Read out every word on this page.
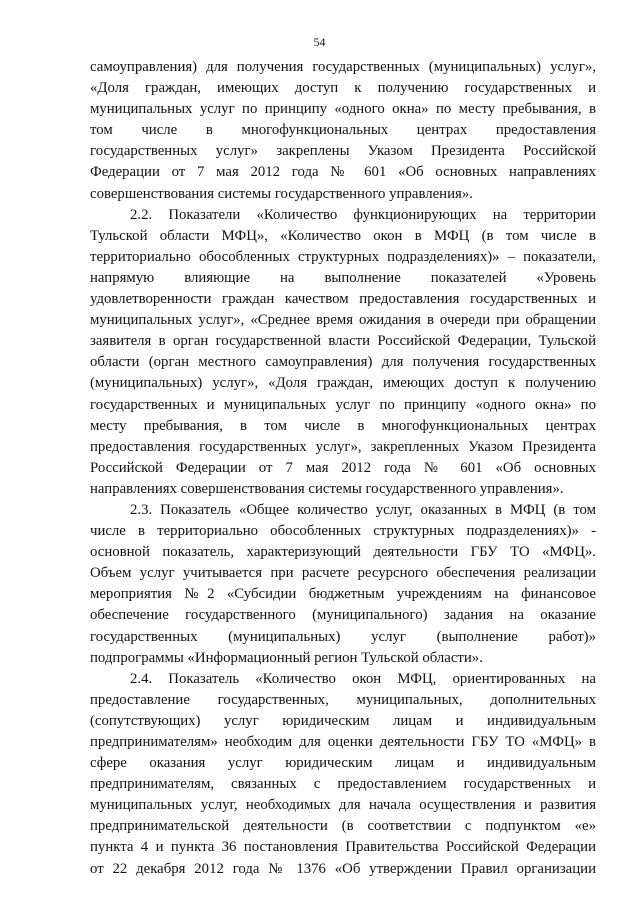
54
самоуправления) для получения государственных (муниципальных) услуг»,
«Доля граждан, имеющих доступ к получению государственных и
муниципальных услуг по принципу «одного окна» по месту пребывания, в
том числе в многофункциональных центрах предоставления
государственных услуг» закреплены Указом Президента Российской
Федерации от 7 мая 2012 года № 601 «Об основных направлениях
совершенствования системы государственного управления».
2.2. Показатели «Количество функционирующих на территории
Тульской области МФЦ», «Количество окон в МФЦ (в том числе в
территориально обособленных структурных подразделениях)» – показатели,
напрямую влияющие на выполнение показателей «Уровень
удовлетворенности граждан качеством предоставления государственных и
муниципальных услуг», «Среднее время ожидания в очереди при обращении
заявителя в орган государственной власти Российской Федерации, Тульской
области (орган местного самоуправления) для получения государственных
(муниципальных) услуг», «Доля граждан, имеющих доступ к получению
государственных и муниципальных услуг по принципу «одного окна» по
месту пребывания, в том числе в многофункциональных центрах
предоставления государственных услуг», закрепленных Указом Президента
Российской Федерации от 7 мая 2012 года № 601 «Об основных
направлениях совершенствования системы государственного управления».
2.3. Показатель «Общее количество услуг, оказанных в МФЦ (в том
числе в территориально обособленных структурных подразделениях)» -
основной показатель, характеризующий деятельности ГБУ ТО «МФЦ».
Объем услуг учитывается при расчете ресурсного обеспечения реализации
мероприятия №2 «Субсидии бюджетным учреждениям на финансовое
обеспечение государственного (муниципального) задания на оказание
государственных (муниципальных) услуг (выполнение работ)»
подпрограммы «Информационный регион Тульской области».
2.4. Показатель «Количество окон МФЦ, ориентированных на
предоставление государственных, муниципальных, дополнительных
(сопутствующих) услуг юридическим лицам и индивидуальным
предпринимателям» необходим для оценки деятельности ГБУ ТО «МФЦ» в
сфере оказания услуг юридическим лицам и индивидуальным
предпринимателям, связанных с предоставлением государственных и
муниципальных услуг, необходимых для начала осуществления и развития
предпринимательской деятельности (в соответствии с подпунктом «е»
пункта 4 и пункта 36 постановления Правительства Российской Федерации
от 22 декабря 2012 года № 1376 «Об утверждении Правил организации
